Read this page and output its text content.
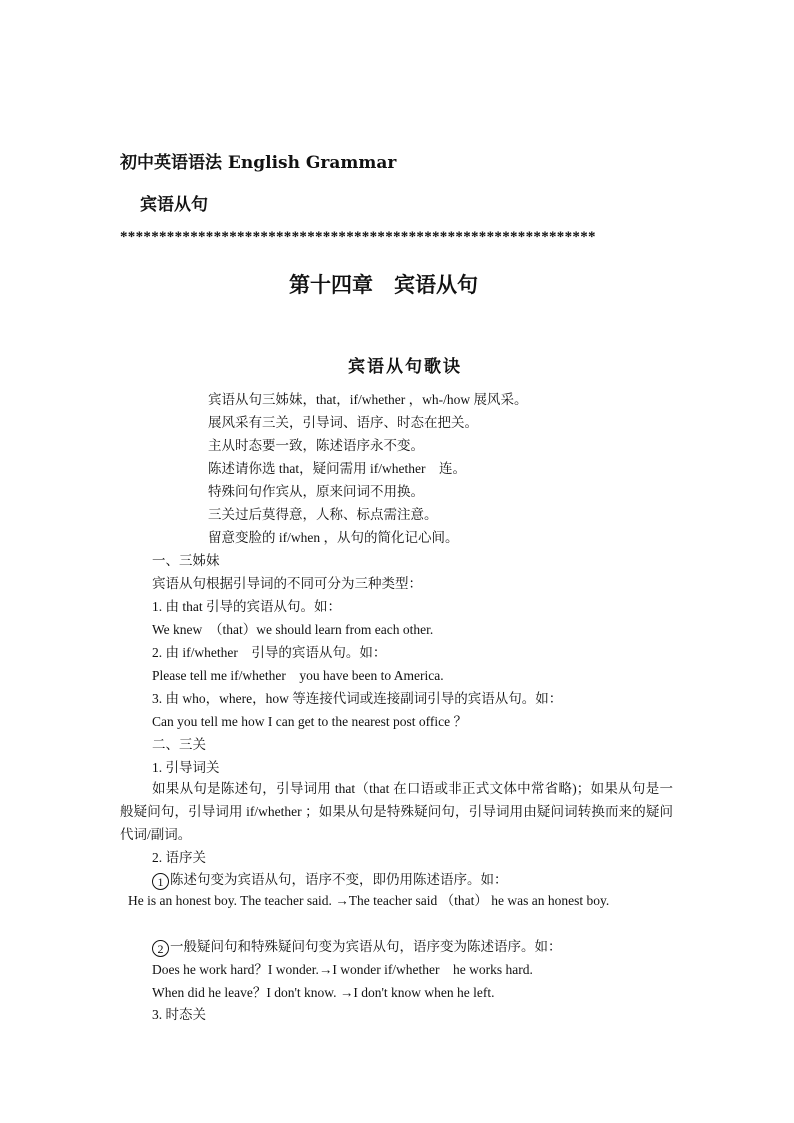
初中英语语法 English Grammar
宾语从句
*************************************************************
第十四章　宾语从句
宾语从句歌诀
宾语从句三姊妹，that，if/whether ，wh-/how 展风采。
展风采有三关，引导词、语序、时态在把关。
主从时态要一致，陈述语序永不变。
陈述请你选 that，疑问需用 if/whether　连。
特殊问句作宾从，原来问词不用换。
三关过后莫得意，人称、标点需注意。
留意变脸的 if/when ，从句的简化记心间。
一、三姊妹
宾语从句根据引导词的不同可分为三种类型：
1. 由 that 引导的宾语从句。如：
We knew　（that）we should learn from each other.
2. 由 if/whether　引导的宾语从句。如：
Please tell me if/whether　you have been to America.
3. 由 who，where，how 等连接代词或连接副词引导的宾语从句。如：
Can you tell me how I can get to the nearest post office ？
二、三关
1. 引导词关
如果从句是陈述句，引导词用 that（that 在口语或非正式文体中常省略)；如果从句是一般疑问句，引导词用 if/whether ；如果从句是特殊疑问句，引导词用由疑问词转换而来的疑问代词/副词。
2. 语序关
1 陈述句变为宾语从句，语序不变，即仍用陈述语序。如：
He is an honest boy. The teacher said. →The teacher said （that） he was an honest boy.
2 一般疑问句和特殊疑问句变为宾语从句，语序变为陈述语序。如：
Does he work hard？I wonder.→I wonder if/whether　he works hard.
When did he leave？I don't know. →I don't know when he left.
3. 时态关
